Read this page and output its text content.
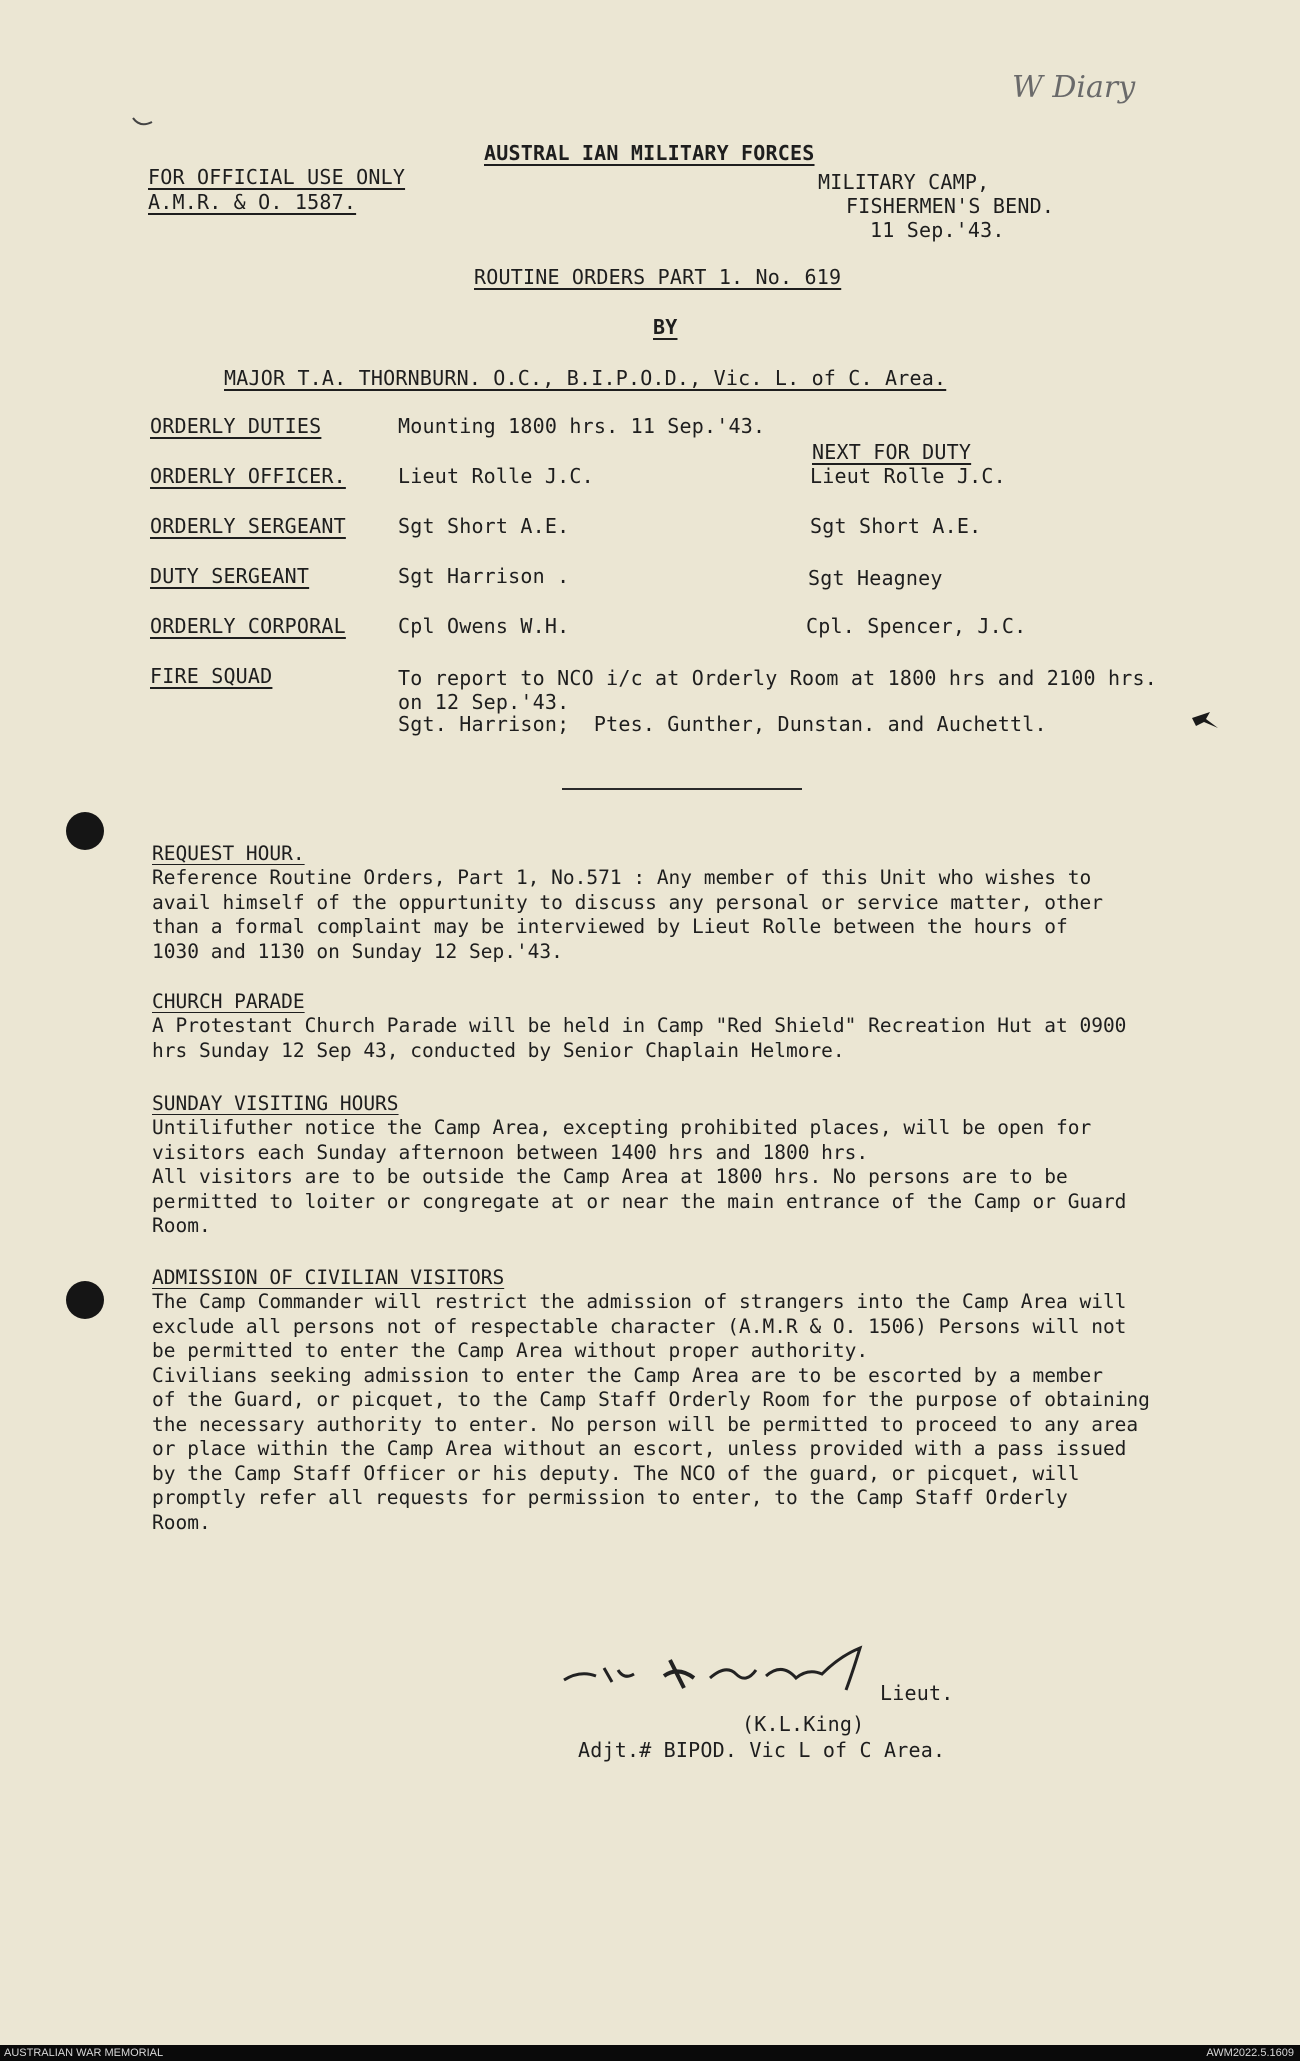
W Diary
AUSTRAL IAN MILITARY FORCES
FOR OFFICIAL USE ONLY
A.M.R. & O. 1587.
MILITARY CAMP,
FISHERMEN'S BEND.
11 Sep.'43.
ROUTINE ORDERS PART 1. No. 619
BY
MAJOR T.A. THORNBURN. O.C., B.I.P.O.D., Vic. L. of C. Area.
ORDERLY DUTIES	Mounting 1800 hrs. 11 Sep.'43.
NEXT FOR DUTY
ORDERLY OFFICER.	Lieut Rolle J.C.	Lieut Rolle J.C.
ORDERLY SERGEANT	Sgt Short A.E.	Sgt Short A.E.
DUTY SERGEANT	Sgt Harrison .	Sgt Heagney
ORDERLY CORPORAL	Cpl Owens W.H.	Cpl. Spencer, J.C.
FIRE SQUAD	To report to NCO i/c at Orderly Room at 1800 hrs and 2100 hrs.
on 12 Sep.'43.
Sgt. Harrison;  Ptes. Gunther, Dunstan. and Auchettl.
REQUEST HOUR.
Reference Routine Orders, Part 1, No.571 : Any member of this Unit who wishes to
avail himself of the oppurtunity to discuss any personal or service matter, other
than a formal complaint may be interviewed by Lieut Rolle between the hours of
1030 and 1130 on Sunday 12 Sep.'43.
CHURCH PARADE
A Protestant Church Parade will be held in Camp "Red Shield" Recreation Hut at 0900
hrs Sunday 12 Sep 43, conducted by Senior Chaplain Helmore.
SUNDAY VISITING HOURS
Untilifuther notice the Camp Area, excepting prohibited places, will be open for
visitors each Sunday afternoon between 1400 hrs and 1800 hrs.
All visitors are to be outside the Camp Area at 1800 hrs. No persons are to be
permitted to loiter or congregate at or near the main entrance of the Camp or Guard
Room.
ADMISSION OF CIVILIAN VISITORS
The Camp Commander will restrict the admission of strangers into the Camp Area will
exclude all persons not of respectable character (A.M.R & O. 1506) Persons will not
be permitted to enter the Camp Area without proper authority.
Civilians seeking admission to enter the Camp Area are to be escorted by a member
of the Guard, or picquet, to the Camp Staff Orderly Room for the purpose of obtaining
the necessary authority to enter. No person will be permitted to proceed to any area
or place within the Camp Area without an escort, unless provided with a pass issued
by the Camp Staff Officer or his deputy. The NCO of the guard, or picquet, will
promptly refer all requests for permission to enter, to the Camp Staff Orderly
Room.
Lieut.
(K.L.King)
Adjt.# BIPOD. Vic L of C Area.
AUSTRALIAN WAR MEMORIAL	AWM2022.5.1609
